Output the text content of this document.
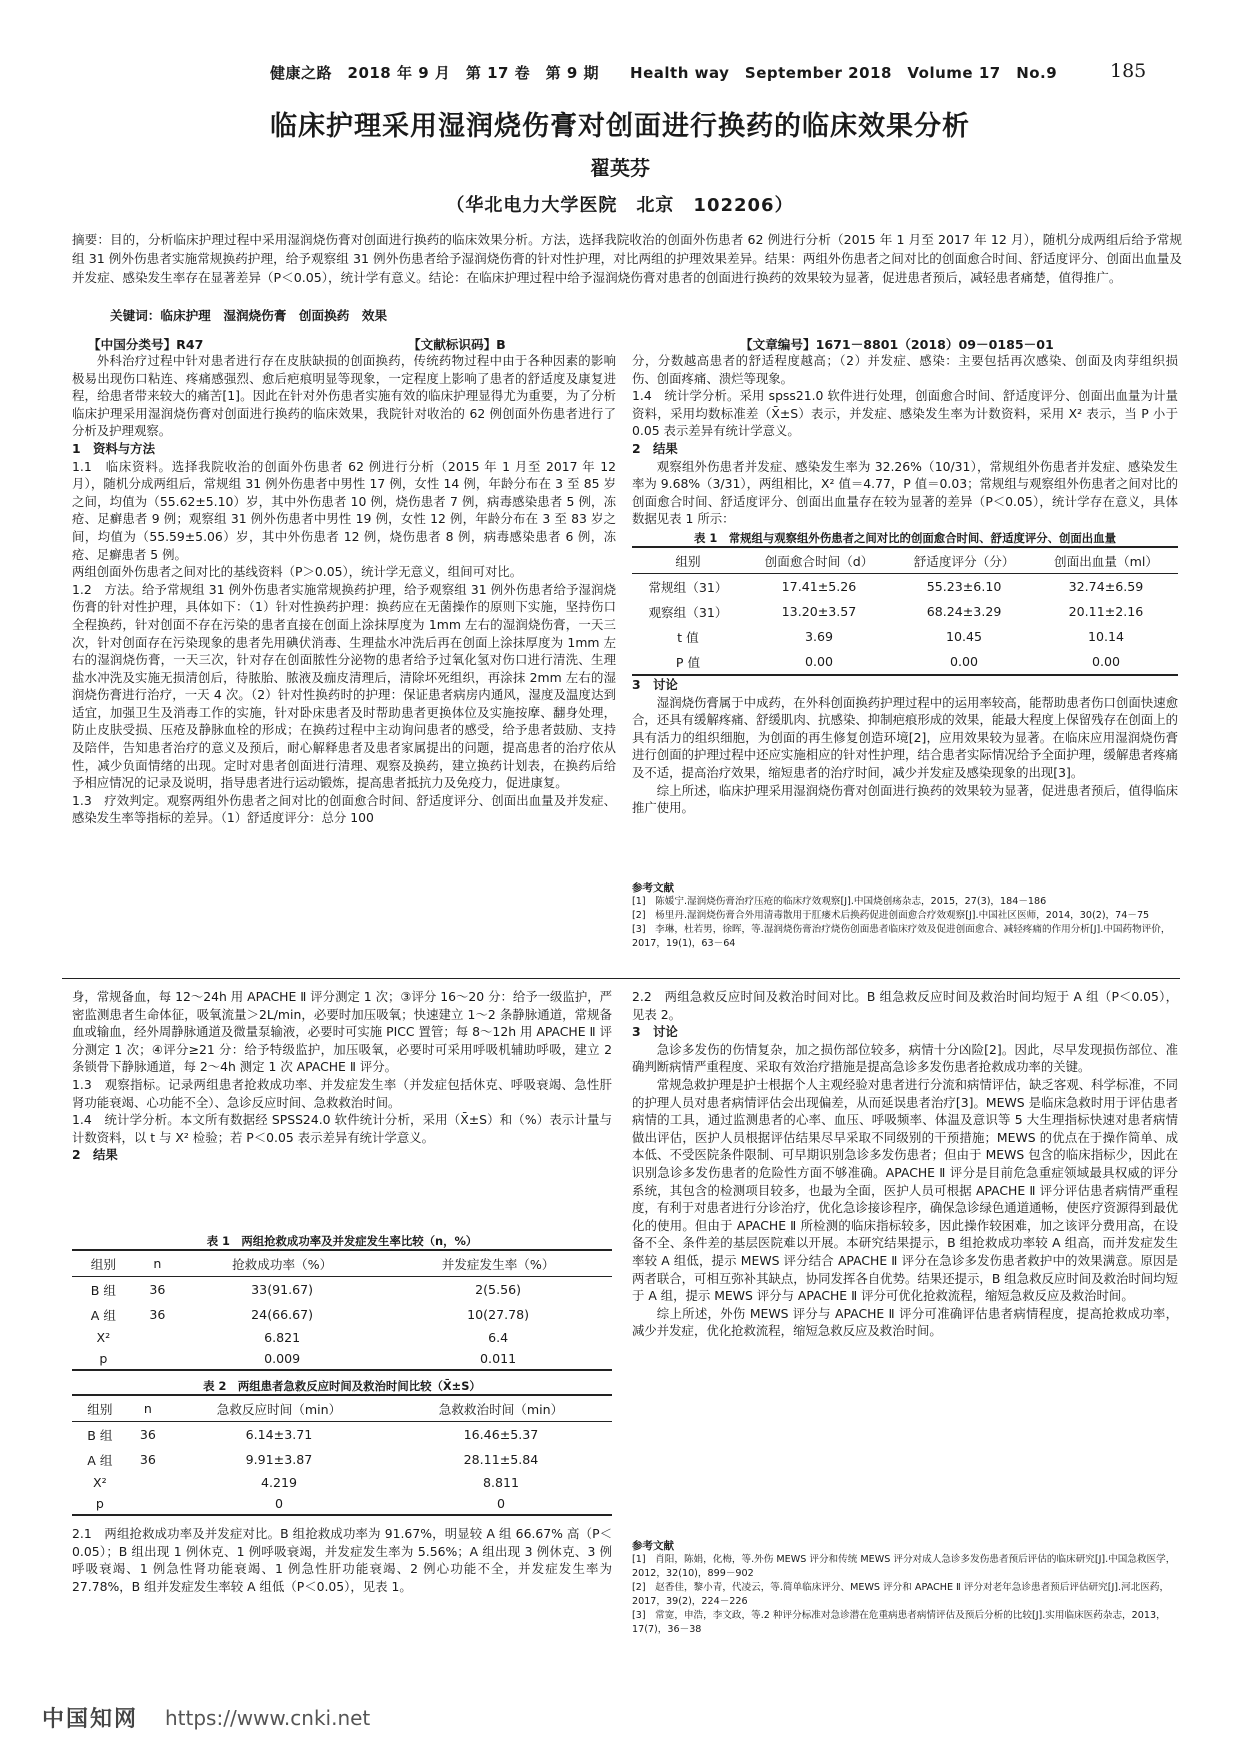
健康之路　2018 年 9 月　第 17 卷　第 9 期　　Health way　September 2018　Volume 17　No.9	185
临床护理采用湿润烧伤膏对创面进行换药的临床效果分析
翟英芬
（华北电力大学医院　北京　102206）
摘要：目的，分析临床护理过程中采用湿润烧伤膏对创面进行换药的临床效果分析。方法，选择我院收治的创面外伤患者 62 例进行分析（2015 年 1 月至 2017 年 12 月），随机分成两组后给予常规组 31 例外伤患者实施常规换药护理，给予观察组 31 例外伤患者给予湿润烧伤膏的针对性护理，对比两组的护理效果差异。结果：两组外伤患者之间对比的创面愈合时间、舒适度评分、创面出血量及并发症、感染发生率存在显著差异（P＜0.05），统计学有意义。结论：在临床护理过程中给予湿润烧伤膏对患者的创面进行换药的效果较为显著，促进患者预后，减轻患者痛楚，值得推广。
关键词：临床护理　湿润烧伤膏　创面换药　效果
【中国分类号】R47	【文献标识码】B	【文章编号】1671－8801（2018）09－0185－01

外科治疗过程中针对患者进行存在皮肤缺损的创面换药，传统药物过程中由于各种因素的影响极易出现伤口粘连、疼痛感强烈、愈后疤痕明显等现象，一定程度上影响了患者的舒适度及康复进程，给患者带来较大的痛苦[1]。因此在针对外伤患者实施有效的临床护理显得尤为重要，为了分析临床护理采用湿润烧伤膏对创面进行换药的临床效果，我院针对收治的 62 例创面外伤患者进行了分析及护理观察。

1　资料与方法

1.1　临床资料。选择我院收治的创面外伤患者 62 例进行分析（2015 年 1 月至 2017 年 12 月），随机分成两组后，常规组 31 例外伤患者中男性 17 例，女性 14 例，年龄分布在 3 至 85 岁之间，均值为（55.62±5.10）岁，其中外伤患者 10 例，烧伤患者 7 例，病毒感染患者 5 例，冻疮、足癣患者 9 例；观察组 31 例外伤患者中男性 19 例，女性 12 例，年龄分布在 3 至 83 岁之间，均值为（55.59±5.06）岁，其中外伤患者 12 例，烧伤患者 8 例，病毒感染患者 6 例，冻疮、足癣患者 5 例。

两组创面外伤患者之间对比的基线资料（P＞0.05），统计学无意义，组间可对比。

1.2　方法。给予常规组 31 例外伤患者实施常规换药护理，给予观察组 31 例外伤患者给予湿润烧伤膏的针对性护理，具体如下：（1）针对性换药护理：换药应在无菌操作的原则下实施，坚持伤口全程换药，针对创面不存在污染的患者直接在创面上涂抹厚度为 1mm 左右的湿润烧伤膏，一天三次，针对创面存在污染现象的患者先用碘伏消毒、生理盐水冲洗后再在创面上涂抹厚度为 1mm 左右的湿润烧伤膏，一天三次，针对存在创面脓性分泌物的患者给予过氧化氢对伤口进行清洗、生理盐水冲洗及实施无损清创后，待脓胎、脓液及痂皮清理后，清除坏死组织，再涂抹 2mm 左右的湿润烧伤膏进行治疗，一天 4 次。（2）针对性换药时的护理：保证患者病房内通风，湿度及温度达到适宜，加强卫生及消毒工作的实施，针对卧床患者及时帮助患者更换体位及实施按摩、翻身处理，防止皮肤受损、压疮及静脉血栓的形成；在换药过程中主动询问患者的感受，给予患者鼓励、支持及陪伴，告知患者治疗的意义及预后，耐心解释患者及患者家属提出的问题，提高患者的治疗依从性，减少负面情绪的出现。定时对患者创面进行清理、观察及换药，建立换药计划表，在换药后给予相应情况的记录及说明，指导患者进行运动锻炼，提高患者抵抗力及免疫力，促进康复。

1.3　疗效判定。观察两组外伤患者之间对比的创面愈合时间、舒适度评分、创面出血量及并发症、感染发生率等指标的差异。（1）舒适度评分：总分 100

分，分数越高患者的舒适程度越高；（2）并发症、感染：主要包括再次感染、创面及肉芽组织损伤、创面疼痛、溃烂等现象。

1.4　统计学分析。采用 spss21.0 软件进行处理，创面愈合时间、舒适度评分、创面出血量为计量资料，采用均数标准差（X̄±S）表示，并发症、感染发生率为计数资料，采用 X² 表示，当 P 小于 0.05 表示差异有统计学意义。

2　结果

观察组外伤患者并发症、感染发生率为 32.26%（10/31），常规组外伤患者并发症、感染发生率为 9.68%（3/31），两组相比，X² 值＝4.77，P 值＝0.03；常规组与观察组外伤患者之间对比的创面愈合时间、舒适度评分、创面出血量存在较为显著的差异（P＜0.05），统计学存在意义，具体数据见表 1 所示：

表 1　常规组与观察组外伤患者之间对比的创面愈合时间、舒适度评分、创面出血量
组别	创面愈合时间（d）	舒适度评分（分）	创面出血量（ml）
常规组（31）	17.41±5.26	55.23±6.10	32.74±6.59
观察组（31）	13.20±3.57	68.24±3.29	20.11±2.16
t 值	3.69	10.45	10.14
P 值	0.00	0.00	0.00

3　讨论

湿润烧伤膏属于中成药，在外科创面换药护理过程中的运用率较高，能帮助患者伤口创面快速愈合，还具有缓解疼痛、舒缓肌肉、抗感染、抑制疤痕形成的效果，能最大程度上保留残存在创面上的具有活力的组织细胞，为创面的再生修复创造环境[2]，应用效果较为显著。在临床应用湿润烧伤膏进行创面的护理过程中还应实施相应的针对性护理，结合患者实际情况给予全面护理，缓解患者疼痛及不适，提高治疗效果，缩短患者的治疗时间，减少并发症及感染现象的出现[3]。

综上所述，临床护理采用湿润烧伤膏对创面进行换药的效果较为显著，促进患者预后，值得临床推广使用。

参考文献
[1]　陈媛宁.湿润烧伤膏治疗压疮的临床疗效观察[J].中国烧创疡杂志，2015，27(3)，184－186
[2]　杨里丹.湿润烧伤膏合外用清毒散用于肛瘘术后换药促进创面愈合疗效观察[J].中国社区医师，2014，30(2)，74－75
[3]　李琳，杜若男，徐晖，等.湿润烧伤膏治疗烧伤创面患者临床疗效及促进创面愈合、减轻疼痛的作用分析[J].中国药物评价，2017，19(1)，63－64

身，常规备血，每 12～24h 用 APACHE Ⅱ 评分测定 1 次；③评分 16～20 分：给予一级监护，严密监测患者生命体征，吸氧流量＞2L/min，必要时加压吸氧；快速建立 1～2 条静脉通道，常规备血或输血，经外周静脉通道及微量泵输液，必要时可实施 PICC 置管；每 8～12h 用 APACHE Ⅱ 评分测定 1 次；④评分≥21 分：给予特级监护，加压吸氧，必要时可采用呼吸机辅助呼吸，建立 2 条锁骨下静脉通道，每 2～4h 测定 1 次 APACHE Ⅱ 评分。

1.3　观察指标。记录两组患者抢救成功率、并发症发生率（并发症包括休克、呼吸衰竭、急性肝肾功能衰竭、心功能不全）、急诊反应时间、急救救治时间。

1.4　统计学分析。本文所有数据经 SPSS24.0 软件统计分析，采用（X̄±S）和（%）表示计量与计数资料，以 t 与 X² 检验；若 P＜0.05 表示差异有统计学意义。

2　结果

表 1　两组抢救成功率及并发症发生率比较（n，%）
组别	n	抢救成功率（%）	并发症发生率（%）
B 组	36	33(91.67)	2(5.56)
A 组	36	24(66.67)	10(27.78)
X²		6.821	6.4
p		0.009	0.011
表 2　两组患者急救反应时间及救治时间比较（X̄±S）
组别	n	急救反应时间（min）	急救救治时间（min）
B 组	36	6.14±3.71	16.46±5.37
A 组	36	9.91±3.87	28.11±5.84
X²		4.219	8.811
p		0	0

2.1　两组抢救成功率及并发症对比。B 组抢救成功率为 91.67%，明显较 A 组 66.67% 高（P＜0.05）；B 组出现 1 例休克、1 例呼吸衰竭，并发症发生率为 5.56%；A 组出现 3 例休克、3 例呼吸衰竭、1 例急性肾功能衰竭、1 例急性肝功能衰竭、2 例心功能不全，并发症发生率为 27.78%，B 组并发症发生率较 A 组低（P＜0.05），见表 1。

2.2　两组急救反应时间及救治时间对比。B 组急救反应时间及救治时间均短于 A 组（P＜0.05），见表 2。

3　讨论

急诊多发伤的伤情复杂，加之损伤部位较多，病情十分凶险[2]。因此，尽早发现损伤部位、准确判断病情严重程度、采取有效治疗措施是提高急诊多发伤患者抢救成功率的关键。

常规急救护理是护士根据个人主观经验对患者进行分流和病情评估，缺乏客观、科学标准，不同的护理人员对患者病情评估会出现偏差，从而延误患者治疗[3]。MEWS 是临床急救时用于评估患者病情的工具，通过监测患者的心率、血压、呼吸频率、体温及意识等 5 大生理指标快速对患者病情做出评估，医护人员根据评估结果尽早采取不同级别的干预措施；MEWS 的优点在于操作简单、成本低、不受医院条件限制、可早期识别急诊多发伤患者；但由于 MEWS 包含的临床指标少，因此在识别急诊多发伤患者的危险性方面不够准确。APACHE Ⅱ 评分是目前危急重症领域最具权威的评分系统，其包含的检测项目较多，也最为全面，医护人员可根据 APACHE Ⅱ 评分评估患者病情严重程度，有利于对患者进行分诊治疗，优化急诊接诊程序，确保急诊绿色通道通畅，使医疗资源得到最优化的使用。但由于 APACHE Ⅱ 所检测的临床指标较多，因此操作较困难，加之该评分费用高，在设备不全、条件差的基层医院难以开展。本研究结果提示，B 组抢救成功率较 A 组高，而并发症发生率较 A 组低，提示 MEWS 评分结合 APACHE Ⅱ 评分在急诊多发伤患者救护中的效果满意。原因是两者联合，可相互弥补其缺点，协同发挥各自优势。结果还提示，B 组急救反应时间及救治时间均短于 A 组，提示 MEWS 评分与 APACHE Ⅱ 评分可优化抢救流程，缩短急救反应及救治时间。

综上所述，外伤 MEWS 评分与 APACHE Ⅱ 评分可准确评估患者病情程度，提高抢救成功率，减少并发症，优化抢救流程，缩短急救反应及救治时间。

参考文献
[1]　肖阳，陈娟，化梅，等.外伤 MEWS 评分和传统 MEWS 评分对成人急诊多发伤患者预后评估的临床研究[J].中国急救医学，2012，32(10)，899－902
[2]　赵香佳，黎小青，代凌云，等.简单临床评分、MEWS 评分和 APACHE Ⅱ 评分对老年急诊患者预后评估研究[J].河北医药，2017，39(2)，224－226
[3]　常宽，申浩，李文政，等.2 种评分标准对急诊潜在危重病患者病情评估及预后分析的比较[J].实用临床医药杂志，2013，17(7)，36－38
中国知网 https://www.cnki.net
